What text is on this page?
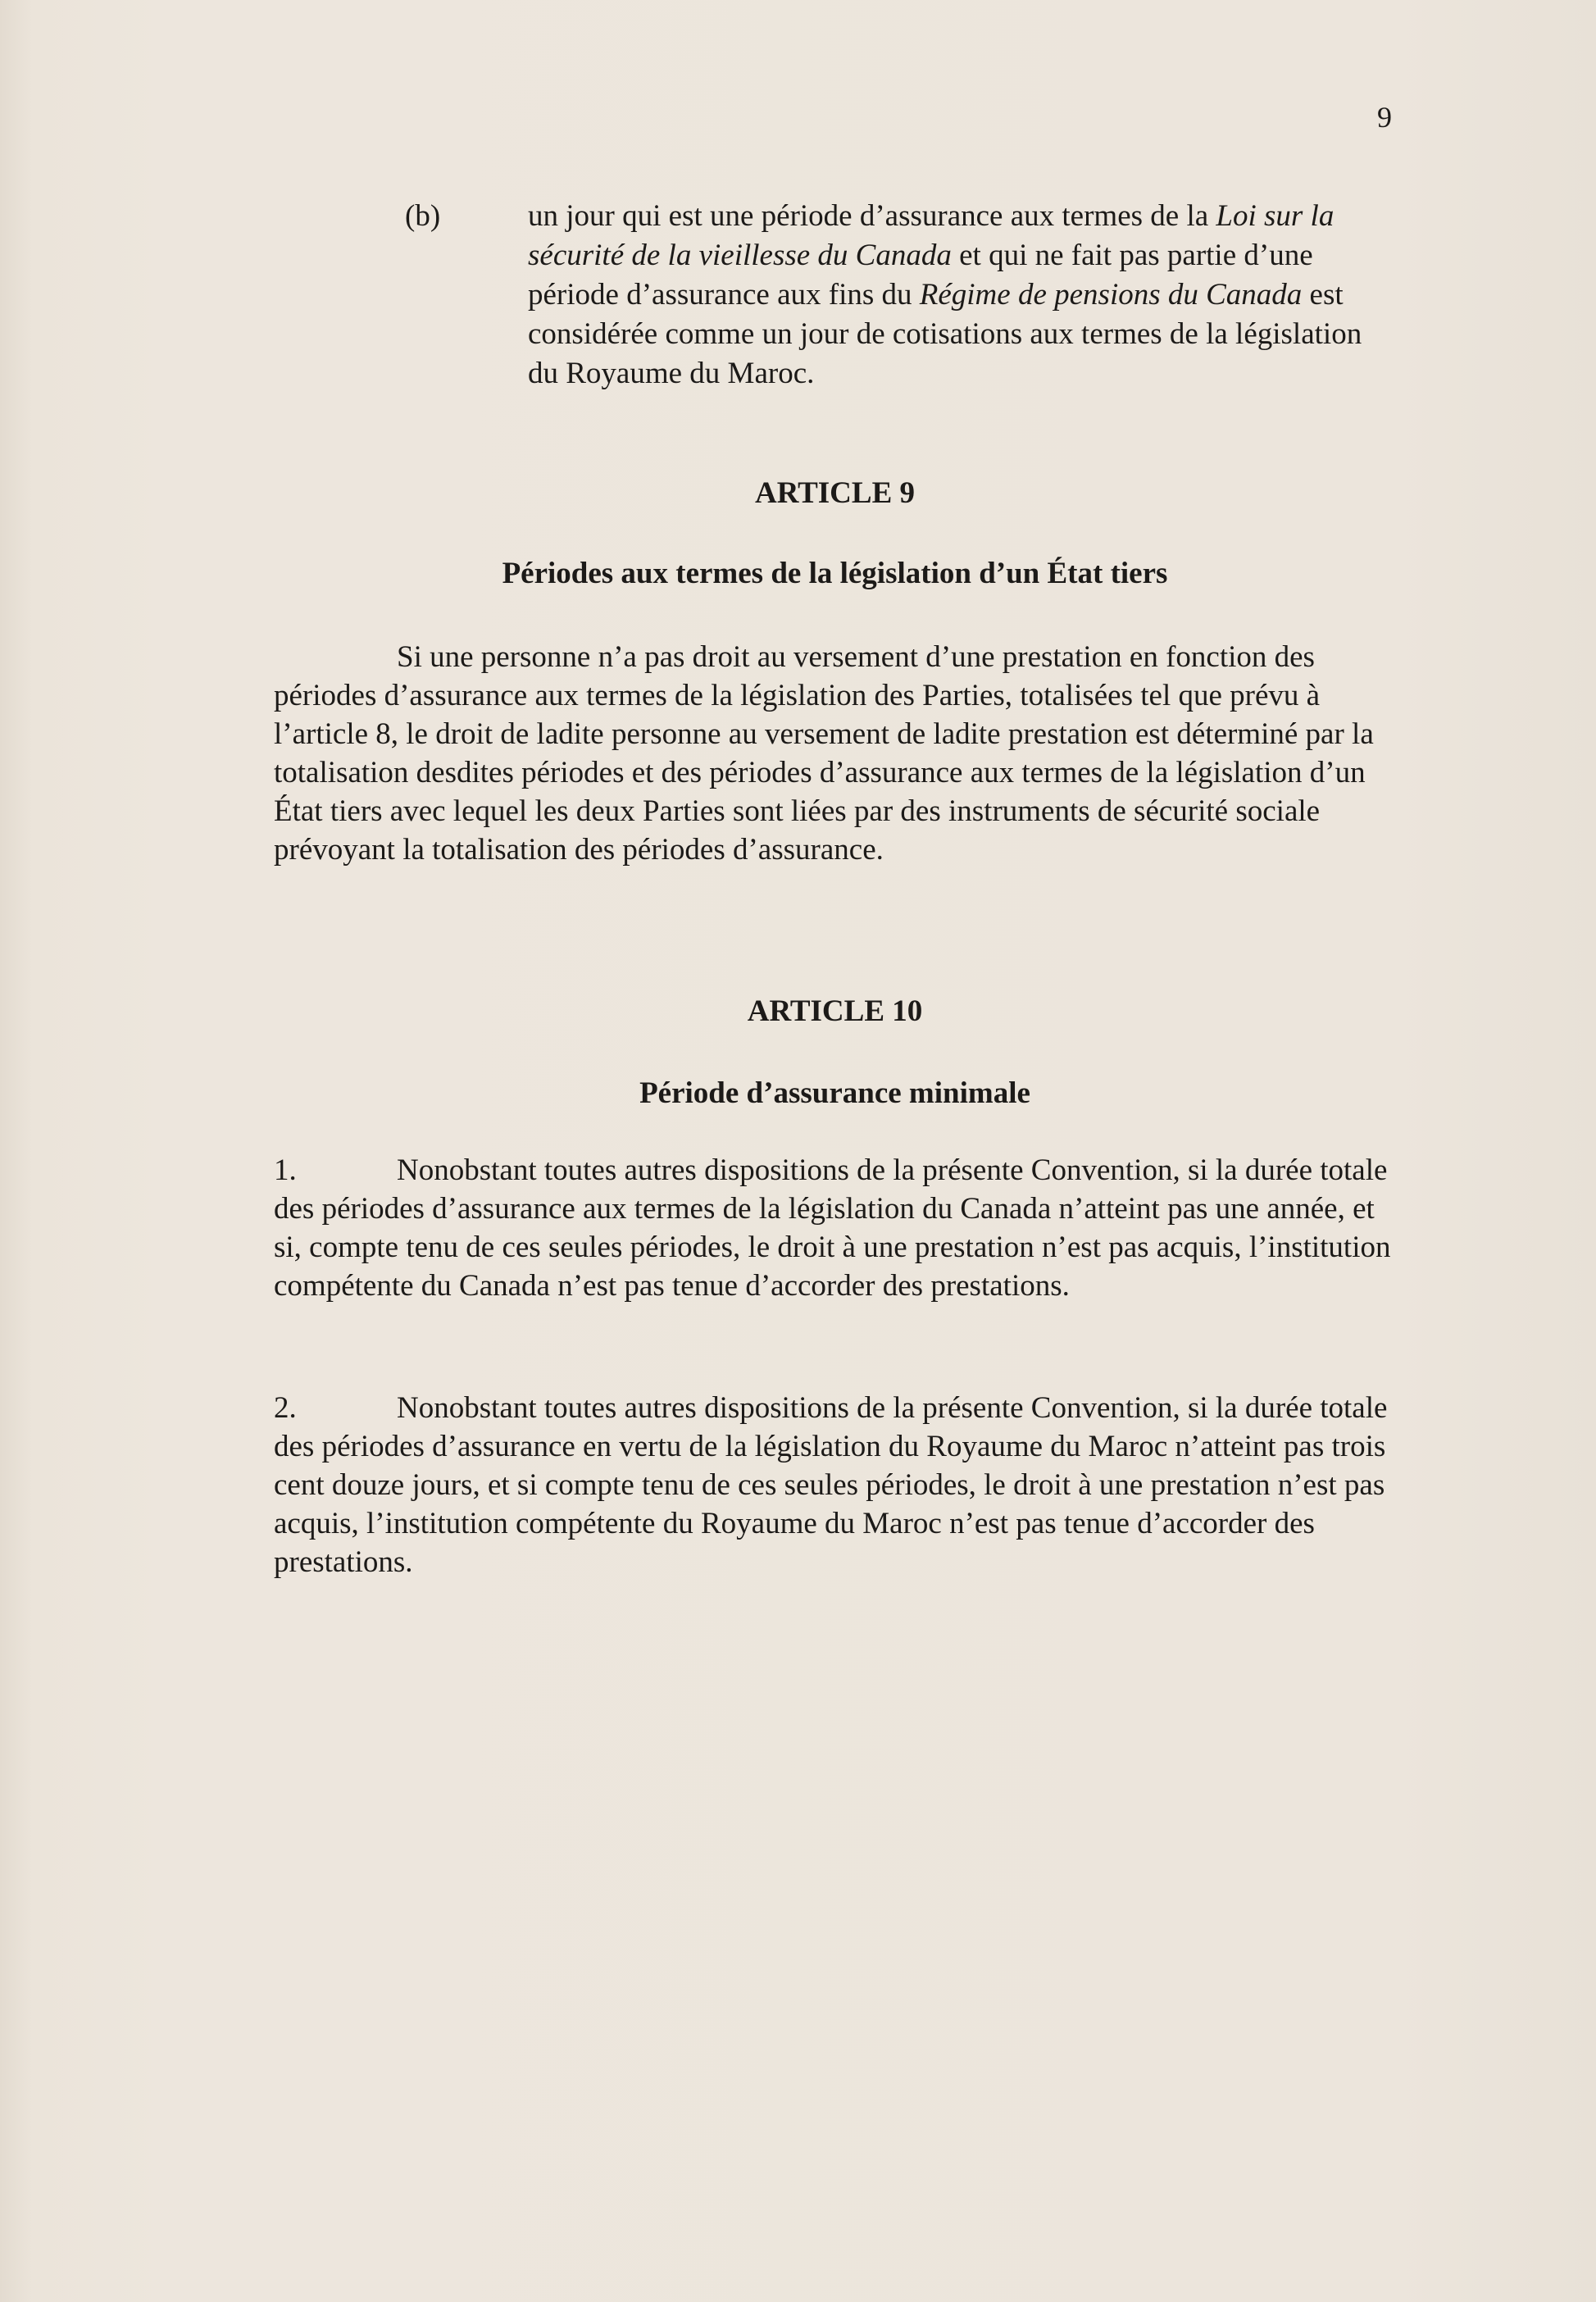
9
(b)	un jour qui est une période d’assurance aux termes de la Loi sur la sécurité de la vieillesse du Canada et qui ne fait pas partie d’une période d’assurance aux fins du Régime de pensions du Canada est considérée comme un jour de cotisations aux termes de la législation du Royaume du Maroc.
ARTICLE 9
Périodes aux termes de la législation d’un État tiers
Si une personne n’a pas droit au versement d’une prestation en fonction des périodes d’assurance aux termes de la législation des Parties, totalisées tel que prévu à l’article 8, le droit de ladite personne au versement de ladite prestation est déterminé par la totalisation desdites périodes et des périodes d’assurance aux termes de la législation d’un État tiers avec lequel les deux Parties sont liées par des instruments de sécurité sociale prévoyant la totalisation des périodes d’assurance.
ARTICLE 10
Période d’assurance minimale
1.	Nonobstant toutes autres dispositions de la présente Convention, si la durée totale des périodes d’assurance aux termes de la législation du Canada n’atteint pas une année, et si, compte tenu de ces seules périodes, le droit à une prestation n’est pas acquis, l’institution compétente du Canada n’est pas tenue d’accorder des prestations.
2.	Nonobstant toutes autres dispositions de la présente Convention, si la durée totale des périodes d’assurance en vertu de la législation du Royaume du Maroc n’atteint pas trois cent douze jours, et si compte tenu de ces seules périodes, le droit à une prestation n’est pas acquis, l’institution compétente du Royaume du Maroc n’est pas tenue d’accorder des prestations.
